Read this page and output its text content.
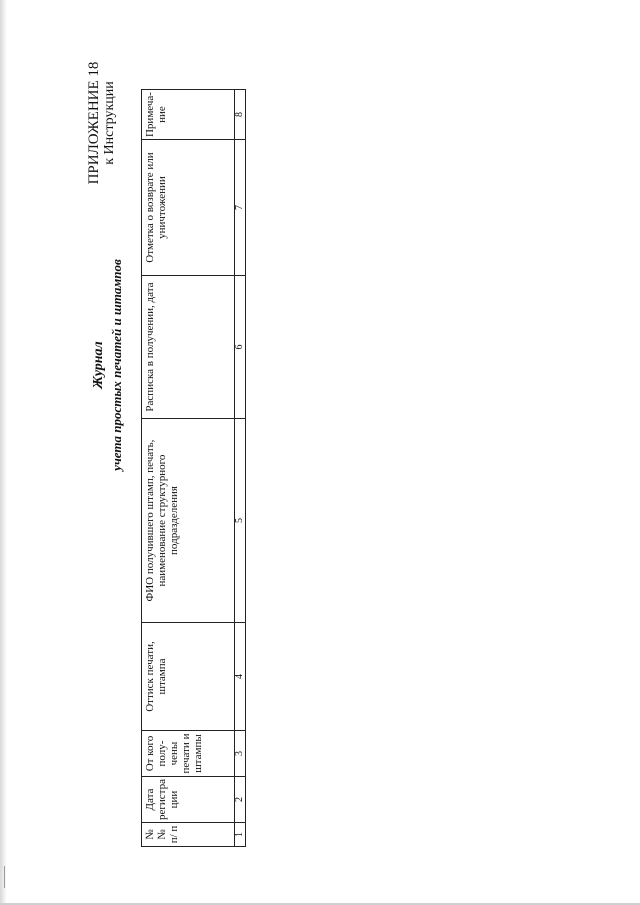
ПРИЛОЖЕНИЕ 18 к Инструкции
Журнал учета простых печатей и штампов
№ № п/ п	Дата регистра ции	От кого полу- чены печати и штампы	Оттиск печати, штампа	ФИО получившего штамп, печать, наименование структурного подразделения	Расписка в получении, дата	Отметка о возврате или уничтожении	Примеча- ние
1	2	3	4	5	6	7	8
